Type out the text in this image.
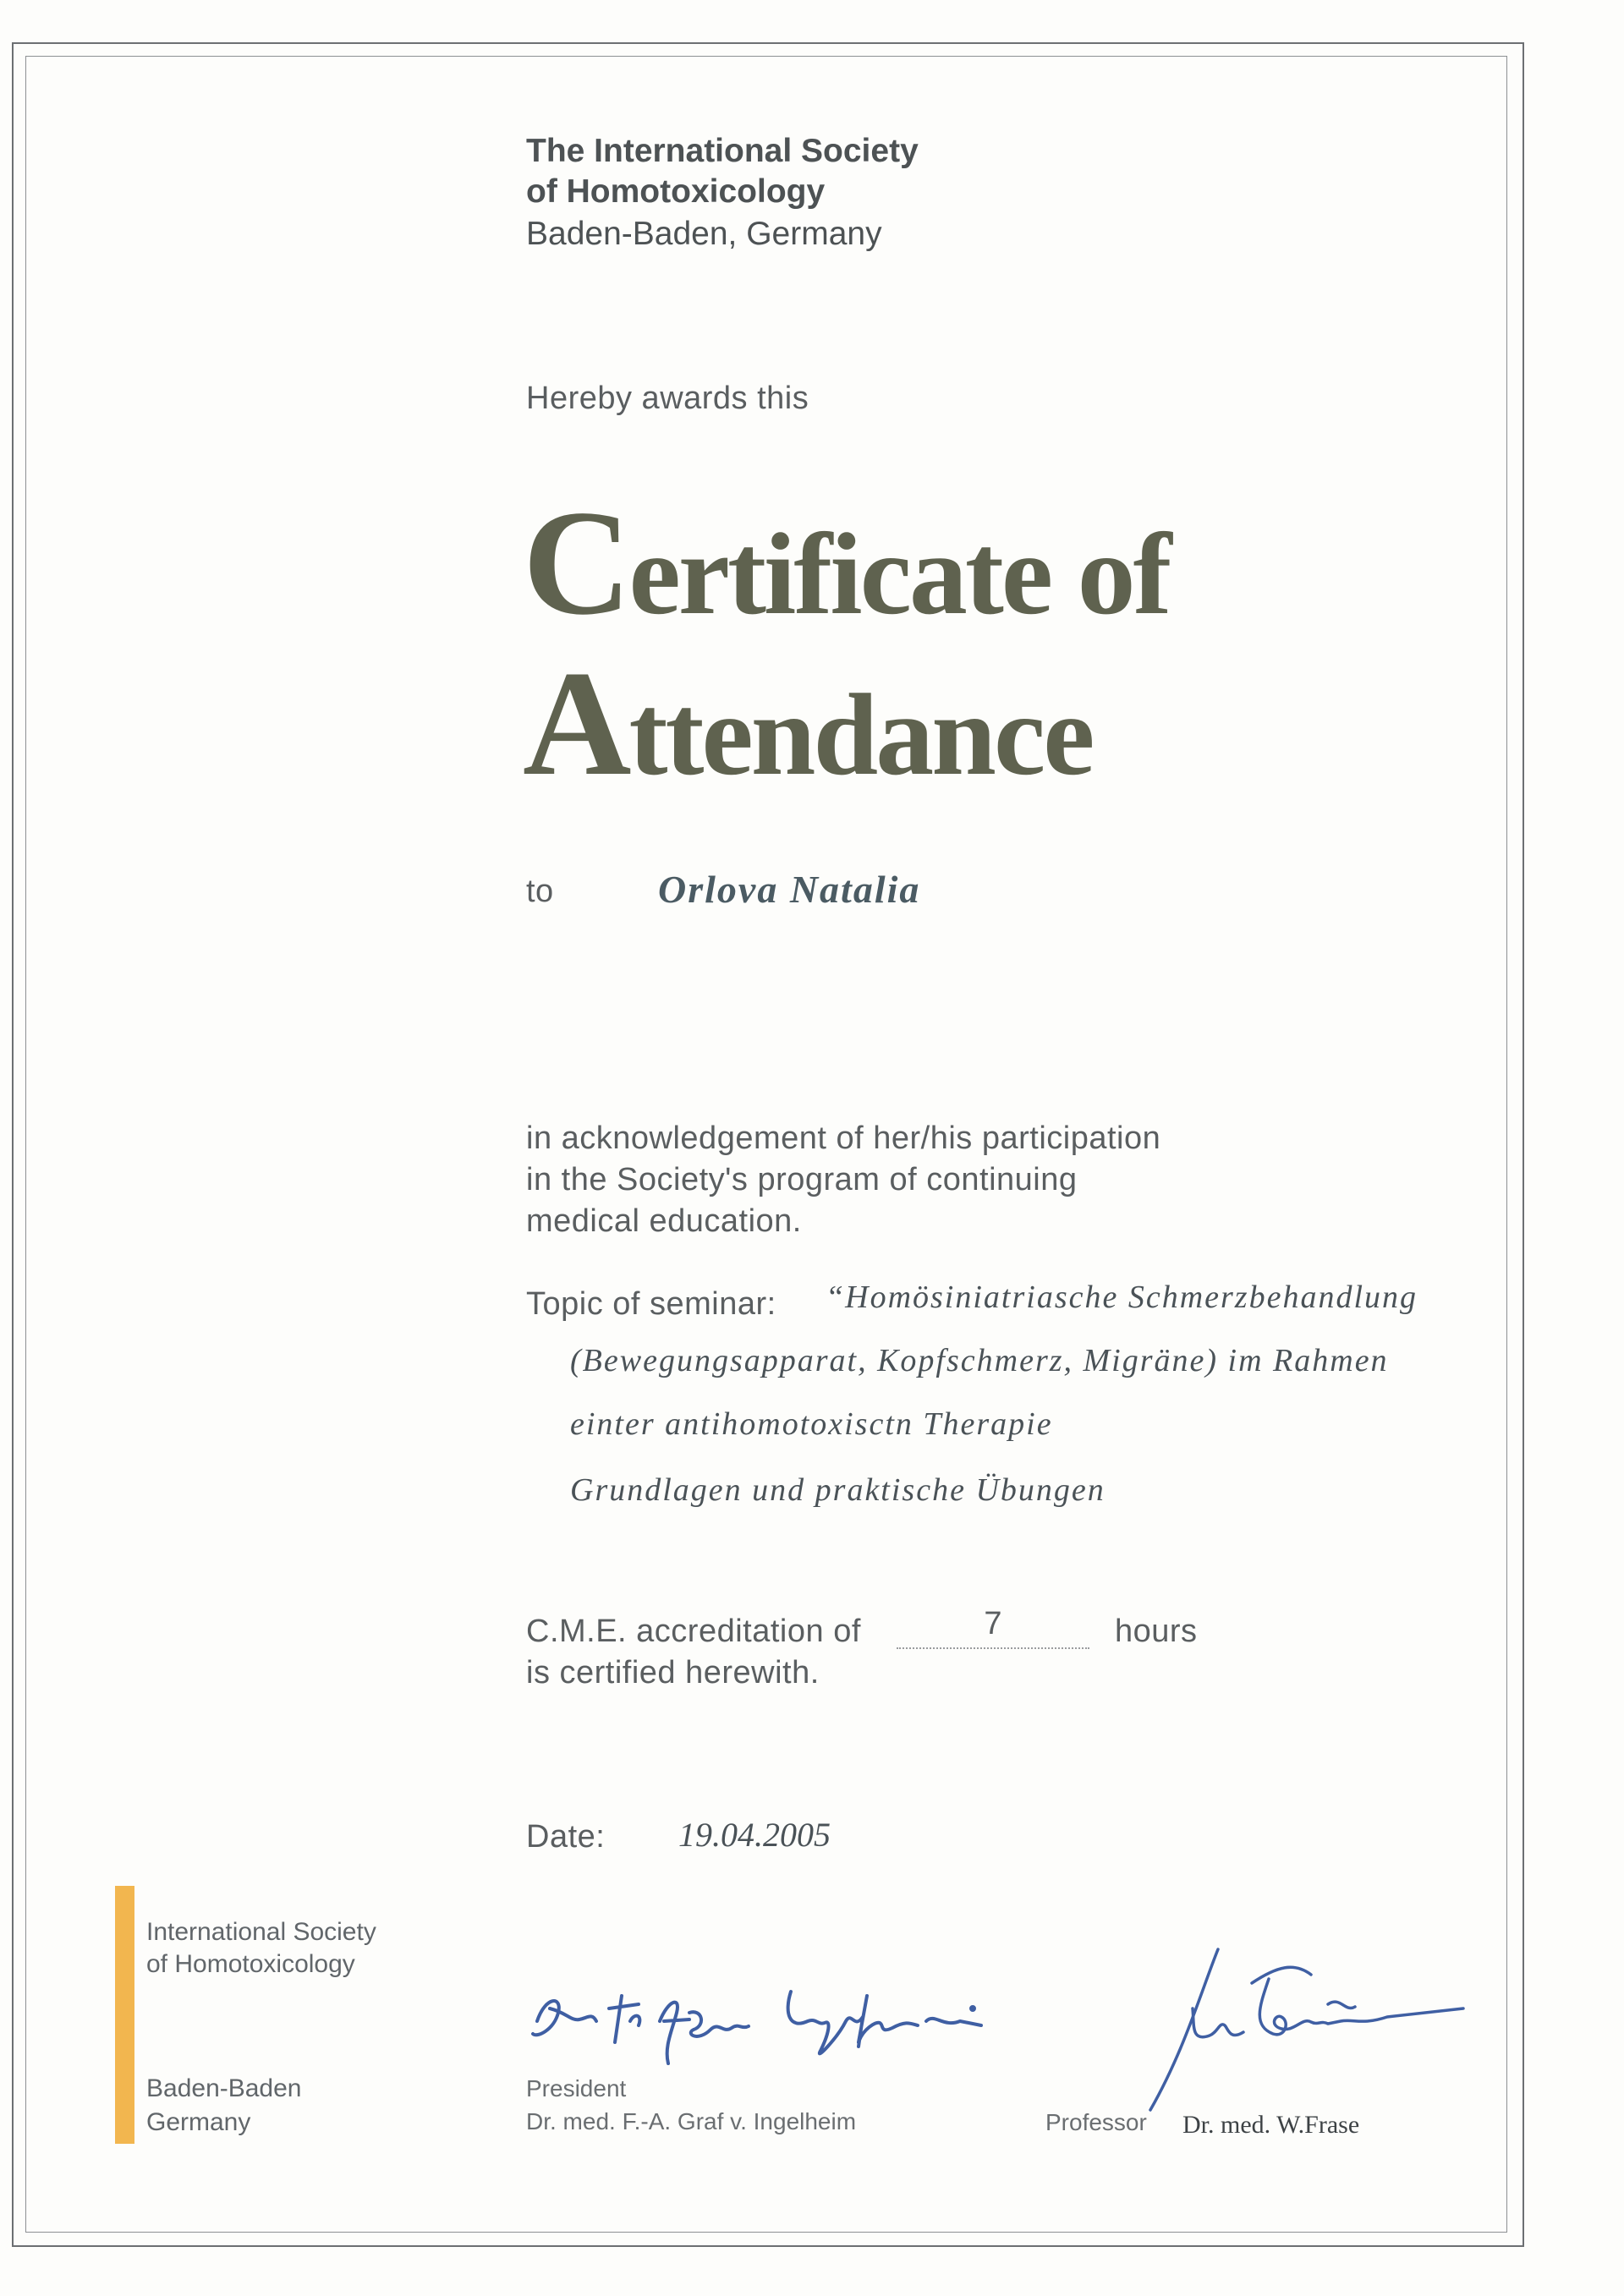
The International Society
of Homotoxicology
Baden-Baden, Germany
Hereby awards this
Certificate of
Attendance
to	Orlova Natalia
in acknowledgement of her/his participation
in the Society's program of continuing
medical education.
Topic of seminar: “Homösiniatriasche Schmerzbehandlung
(Bewegungsapparat, Kopfschmerz, Migräne) im Rahmen
einter antihomotoxisctn Therapie
Grundlagen und praktische Übungen
C.M.E. accreditation of	7	hours
is certified herewith.
Date: 19.04.2005
International Society
of Homotoxicology
Baden-Baden
Germany
President
Dr. med. F.-A. Graf v. Ingelheim	Professor Dr. med. W.Frase
